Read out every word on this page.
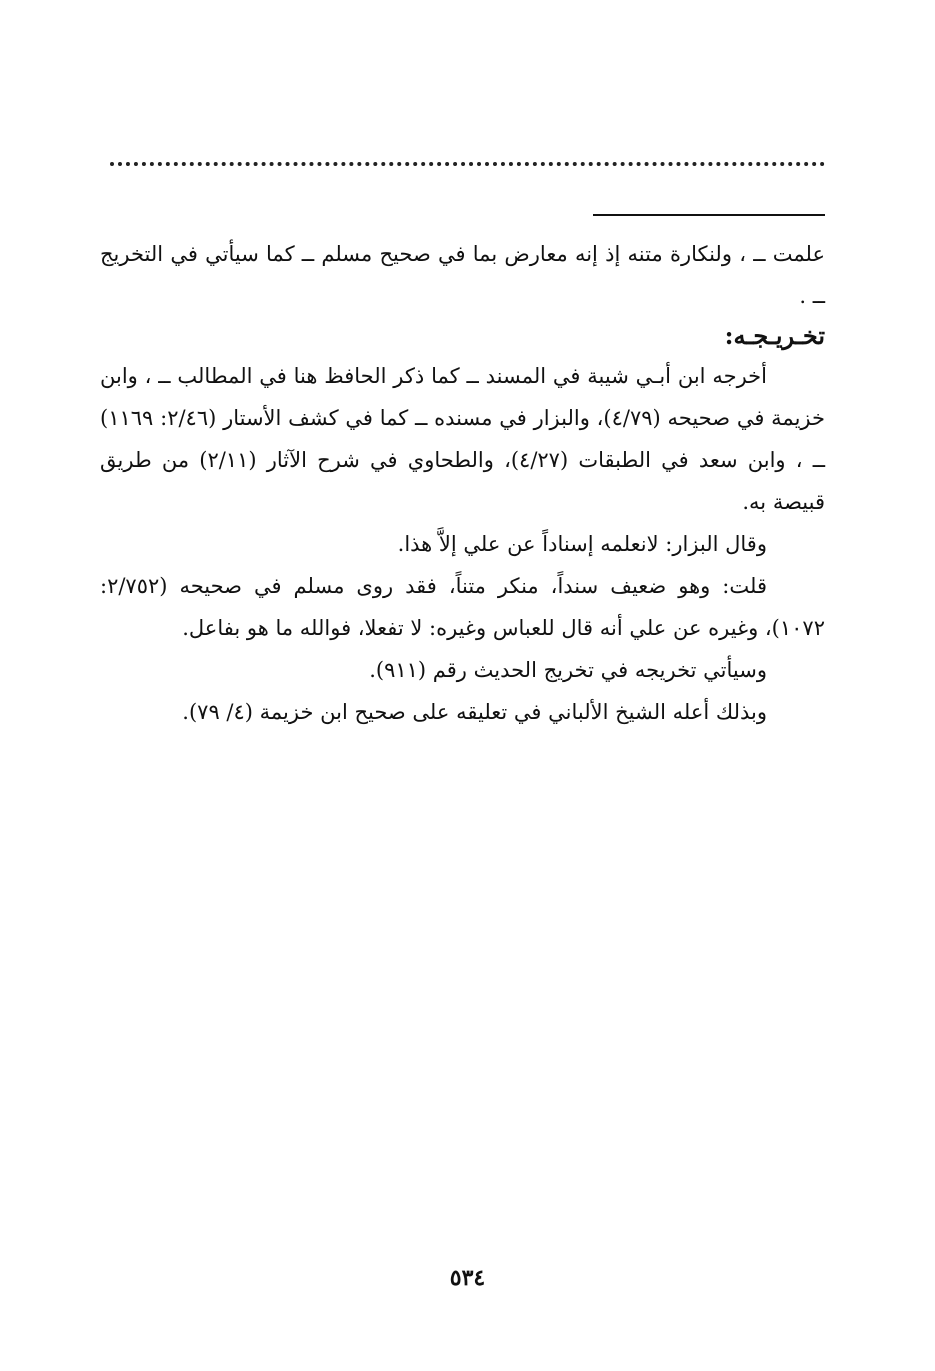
علمت ــ ، ولنكارة متنه إذ إنه معارض بما في صحيح مسلم ــ كما سيأتي في التخريج ــ .

تخـريـجـه:

أخرجه ابن أبـي شيبة في المسند ــ كما ذكر الحافظ هنا في المطالب ــ ، وابن خزيمة في صحيحه (٤/٧٩)، والبزار في مسنده ــ كما في كشف الأستار (٢/٤٦: ١١٦٩) ــ ، وابن سعد في الطبقات (٤/٢٧)، والطحاوي في شرح الآثار (٢/١١) من طريق قبيصة به.

وقال البزار: لانعلمه إسناداً عن علي إلاَّ هذا.

قلت: وهو ضعيف سنداً، منكر متناً، فقد روى مسلم في صحيحه (٢/٧٥٢: ١٠٧٢)، وغيره عن علي أنه قال للعباس وغيره: لا تفعلا، فوالله ما هو بفاعل.

وسيأتي تخريجه في تخريج الحديث رقم (٩١١).

وبذلك أعله الشيخ الألباني في تعليقه على صحيح ابن خزيمة (٤/ ٧٩).

٥٣٤
